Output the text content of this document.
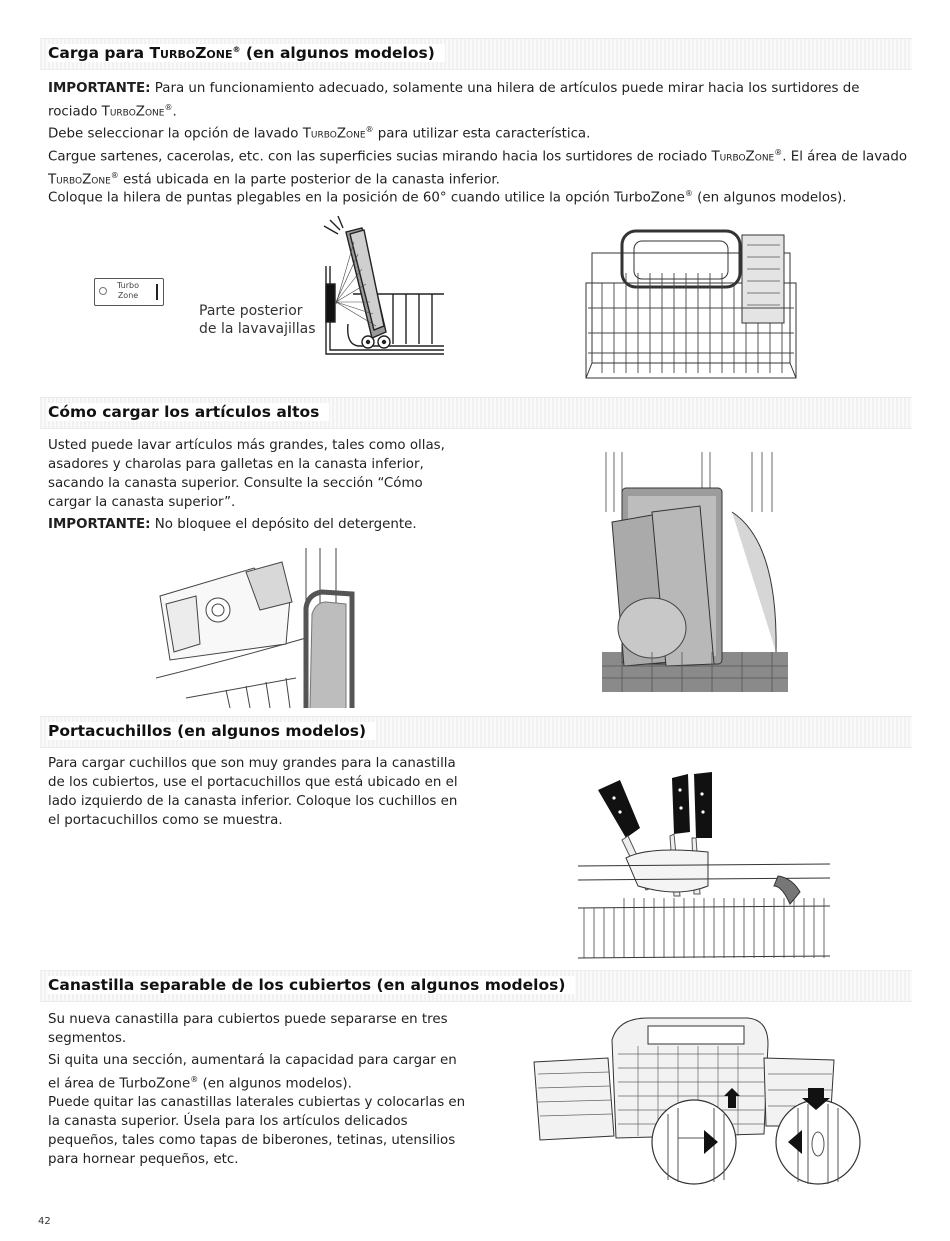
Carga para TurboZone® (en algunos modelos)

IMPORTANTE: Para un funcionamiento adecuado, solamente una hilera de artículos puede mirar hacia los surtidores de rociado TurboZone®.

Debe seleccionar la opción de lavado TurboZone® para utilizar esta característica.

Cargue sartenes, cacerolas, etc. con las superficies sucias mirando hacia los surtidores de rociado TurboZone®. El área de lavado TurboZone® está ubicada en la parte posterior de la canasta inferior.

Coloque la hilera de puntas plegables en la posición de 60° cuando utilice la opción TurboZone® (en algunos modelos).

Turbo
Zone
Parte posterior
de la lavavajillas
Cómo cargar los artículos altos

Usted puede lavar artículos más grandes, tales como ollas, asadores y charolas para galletas en la canasta inferior, sacando la canasta superior. Consulte la sección “Cómo cargar la canasta superior”.

IMPORTANTE: No bloquee el depósito del detergente.

Portacuchillos (en algunos modelos)

Para cargar cuchillos que son muy grandes para la canastilla de los cubiertos, use el portacuchillos que está ubicado en el lado izquierdo de la canasta inferior. Coloque los cuchillos en el portacuchillos como se muestra.

Canastilla separable de los cubiertos (en algunos modelos)

Su nueva canastilla para cubiertos puede separarse en tres segmentos.

Si quita una sección, aumentará la capacidad para cargar en el área de TurboZone® (en algunos modelos).

Puede quitar las canastillas laterales cubiertas y colocarlas en la canasta superior. Úsela para los artículos delicados pequeños, tales como tapas de biberones, tetinas, utensilios para hornear pequeños, etc.

42
